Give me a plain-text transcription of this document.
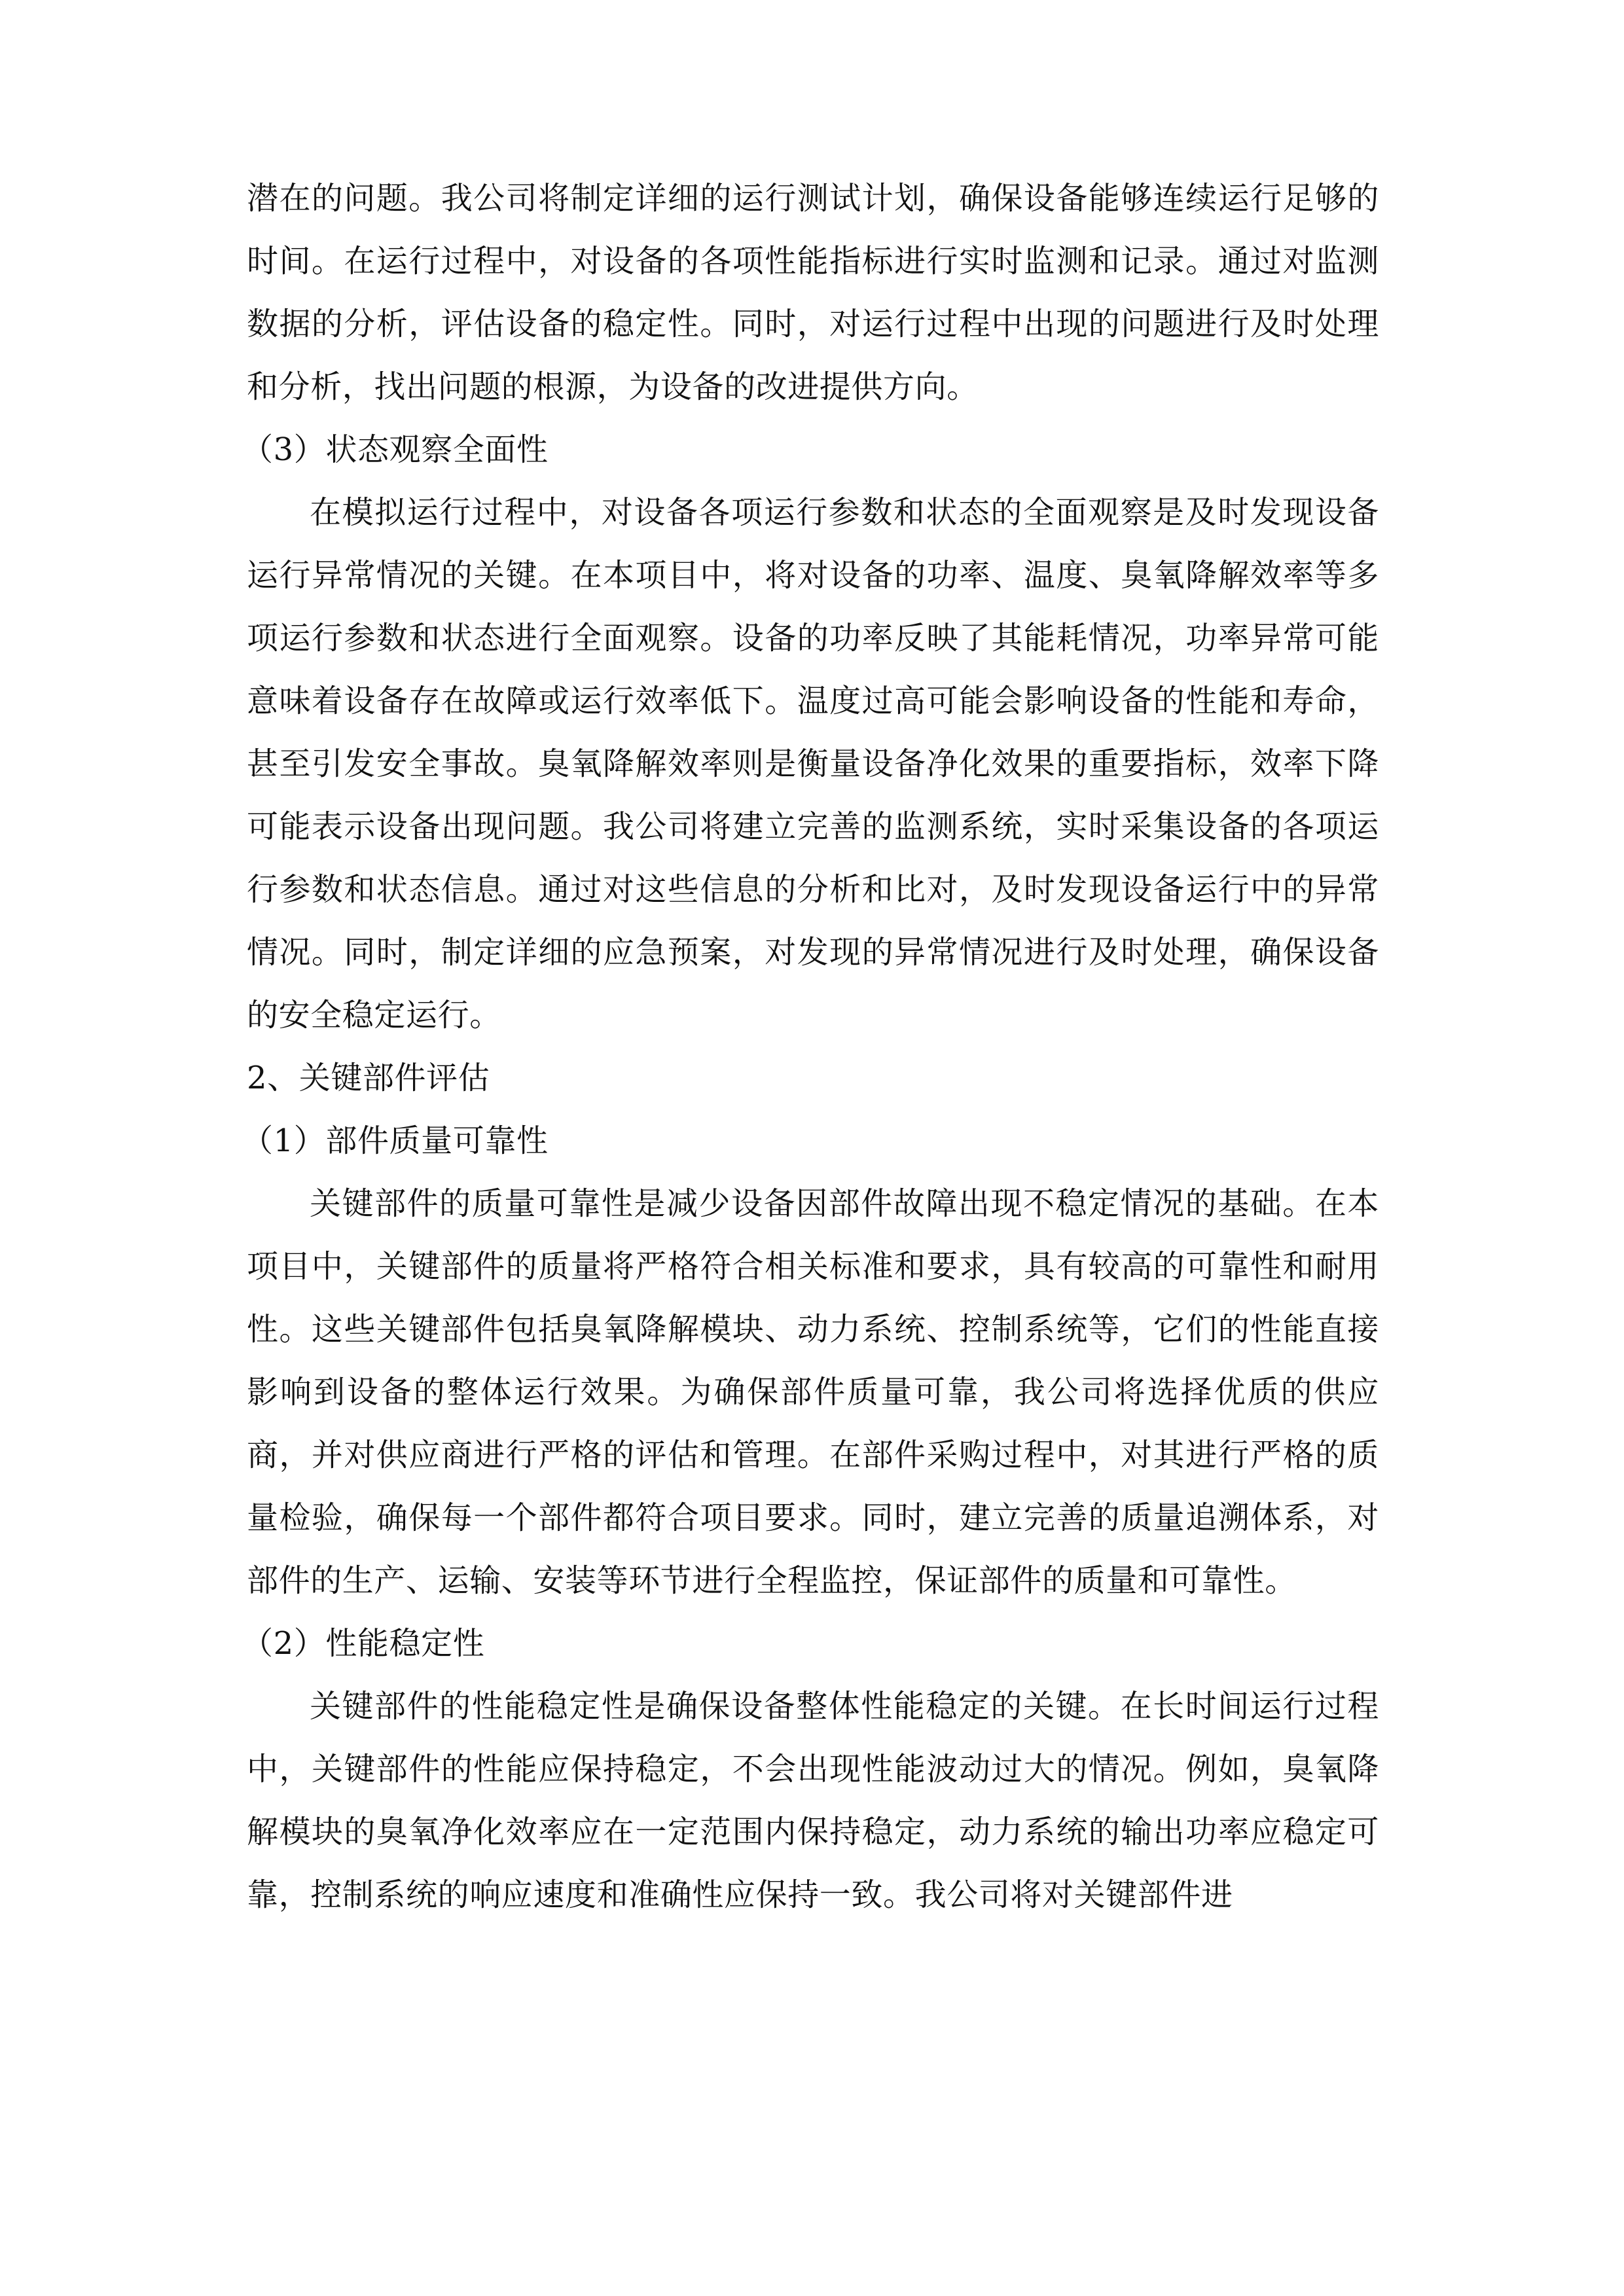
潜在的问题。我公司将制定详细的运行测试计划，确保设备能够连续运行足够的时间。在运行过程中，对设备的各项性能指标进行实时监测和记录。通过对监测数据的分析，评估设备的稳定性。同时，对运行过程中出现的问题进行及时处理和分析，找出问题的根源，为设备的改进提供方向。

（3）状态观察全面性

在模拟运行过程中，对设备各项运行参数和状态的全面观察是及时发现设备运行异常情况的关键。在本项目中，将对设备的功率、温度、臭氧降解效率等多项运行参数和状态进行全面观察。设备的功率反映了其能耗情况，功率异常可能意味着设备存在故障或运行效率低下。温度过高可能会影响设备的性能和寿命，甚至引发安全事故。臭氧降解效率则是衡量设备净化效果的重要指标，效率下降可能表示设备出现问题。我公司将建立完善的监测系统，实时采集设备的各项运行参数和状态信息。通过对这些信息的分析和比对，及时发现设备运行中的异常情况。同时，制定详细的应急预案，对发现的异常情况进行及时处理，确保设备的安全稳定运行。

2、关键部件评估

（1）部件质量可靠性

关键部件的质量可靠性是减少设备因部件故障出现不稳定情况的基础。在本项目中，关键部件的质量将严格符合相关标准和要求，具有较高的可靠性和耐用性。这些关键部件包括臭氧降解模块、动力系统、控制系统等，它们的性能直接影响到设备的整体运行效果。为确保部件质量可靠，我公司将选择优质的供应商，并对供应商进行严格的评估和管理。在部件采购过程中，对其进行严格的质量检验，确保每一个部件都符合项目要求。同时，建立完善的质量追溯体系，对部件的生产、运输、安装等环节进行全程监控，保证部件的质量和可靠性。

（2）性能稳定性

关键部件的性能稳定性是确保设备整体性能稳定的关键。在长时间运行过程中，关键部件的性能应保持稳定，不会出现性能波动过大的情况。例如，臭氧降解模块的臭氧净化效率应在一定范围内保持稳定，动力系统的输出功率应稳定可靠，控制系统的响应速度和准确性应保持一致。我公司将对关键部件进
